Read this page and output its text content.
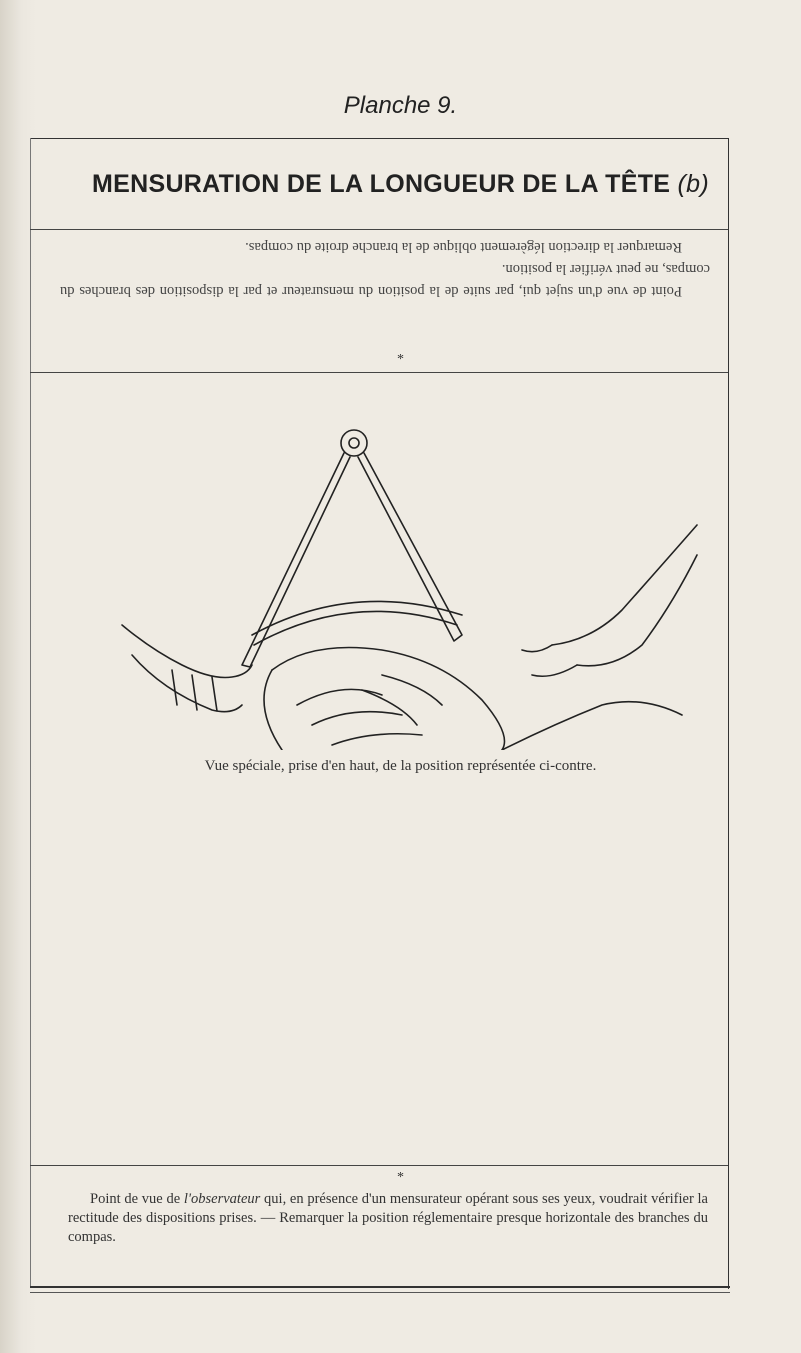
Planche 9.
MENSURATION DE LA LONGUEUR DE LA TÊTE (b)

Point de vue d'un sujet qui, par suite de la position du mensurateur et par la disposition des branches du compas, ne peut vérifier la position.

Remarquer la direction légèrement oblique de la branche droite du compas.

*
Vue spéciale, prise d'en haut, de la position représentée ci-contre.
*
Point de vue de l'observateur qui, en présence d'un mensurateur opérant sous ses yeux, voudrait vérifier la rectitude des dispositions prises. — Remarquer la position réglementaire presque horizontale des branches du compas.
